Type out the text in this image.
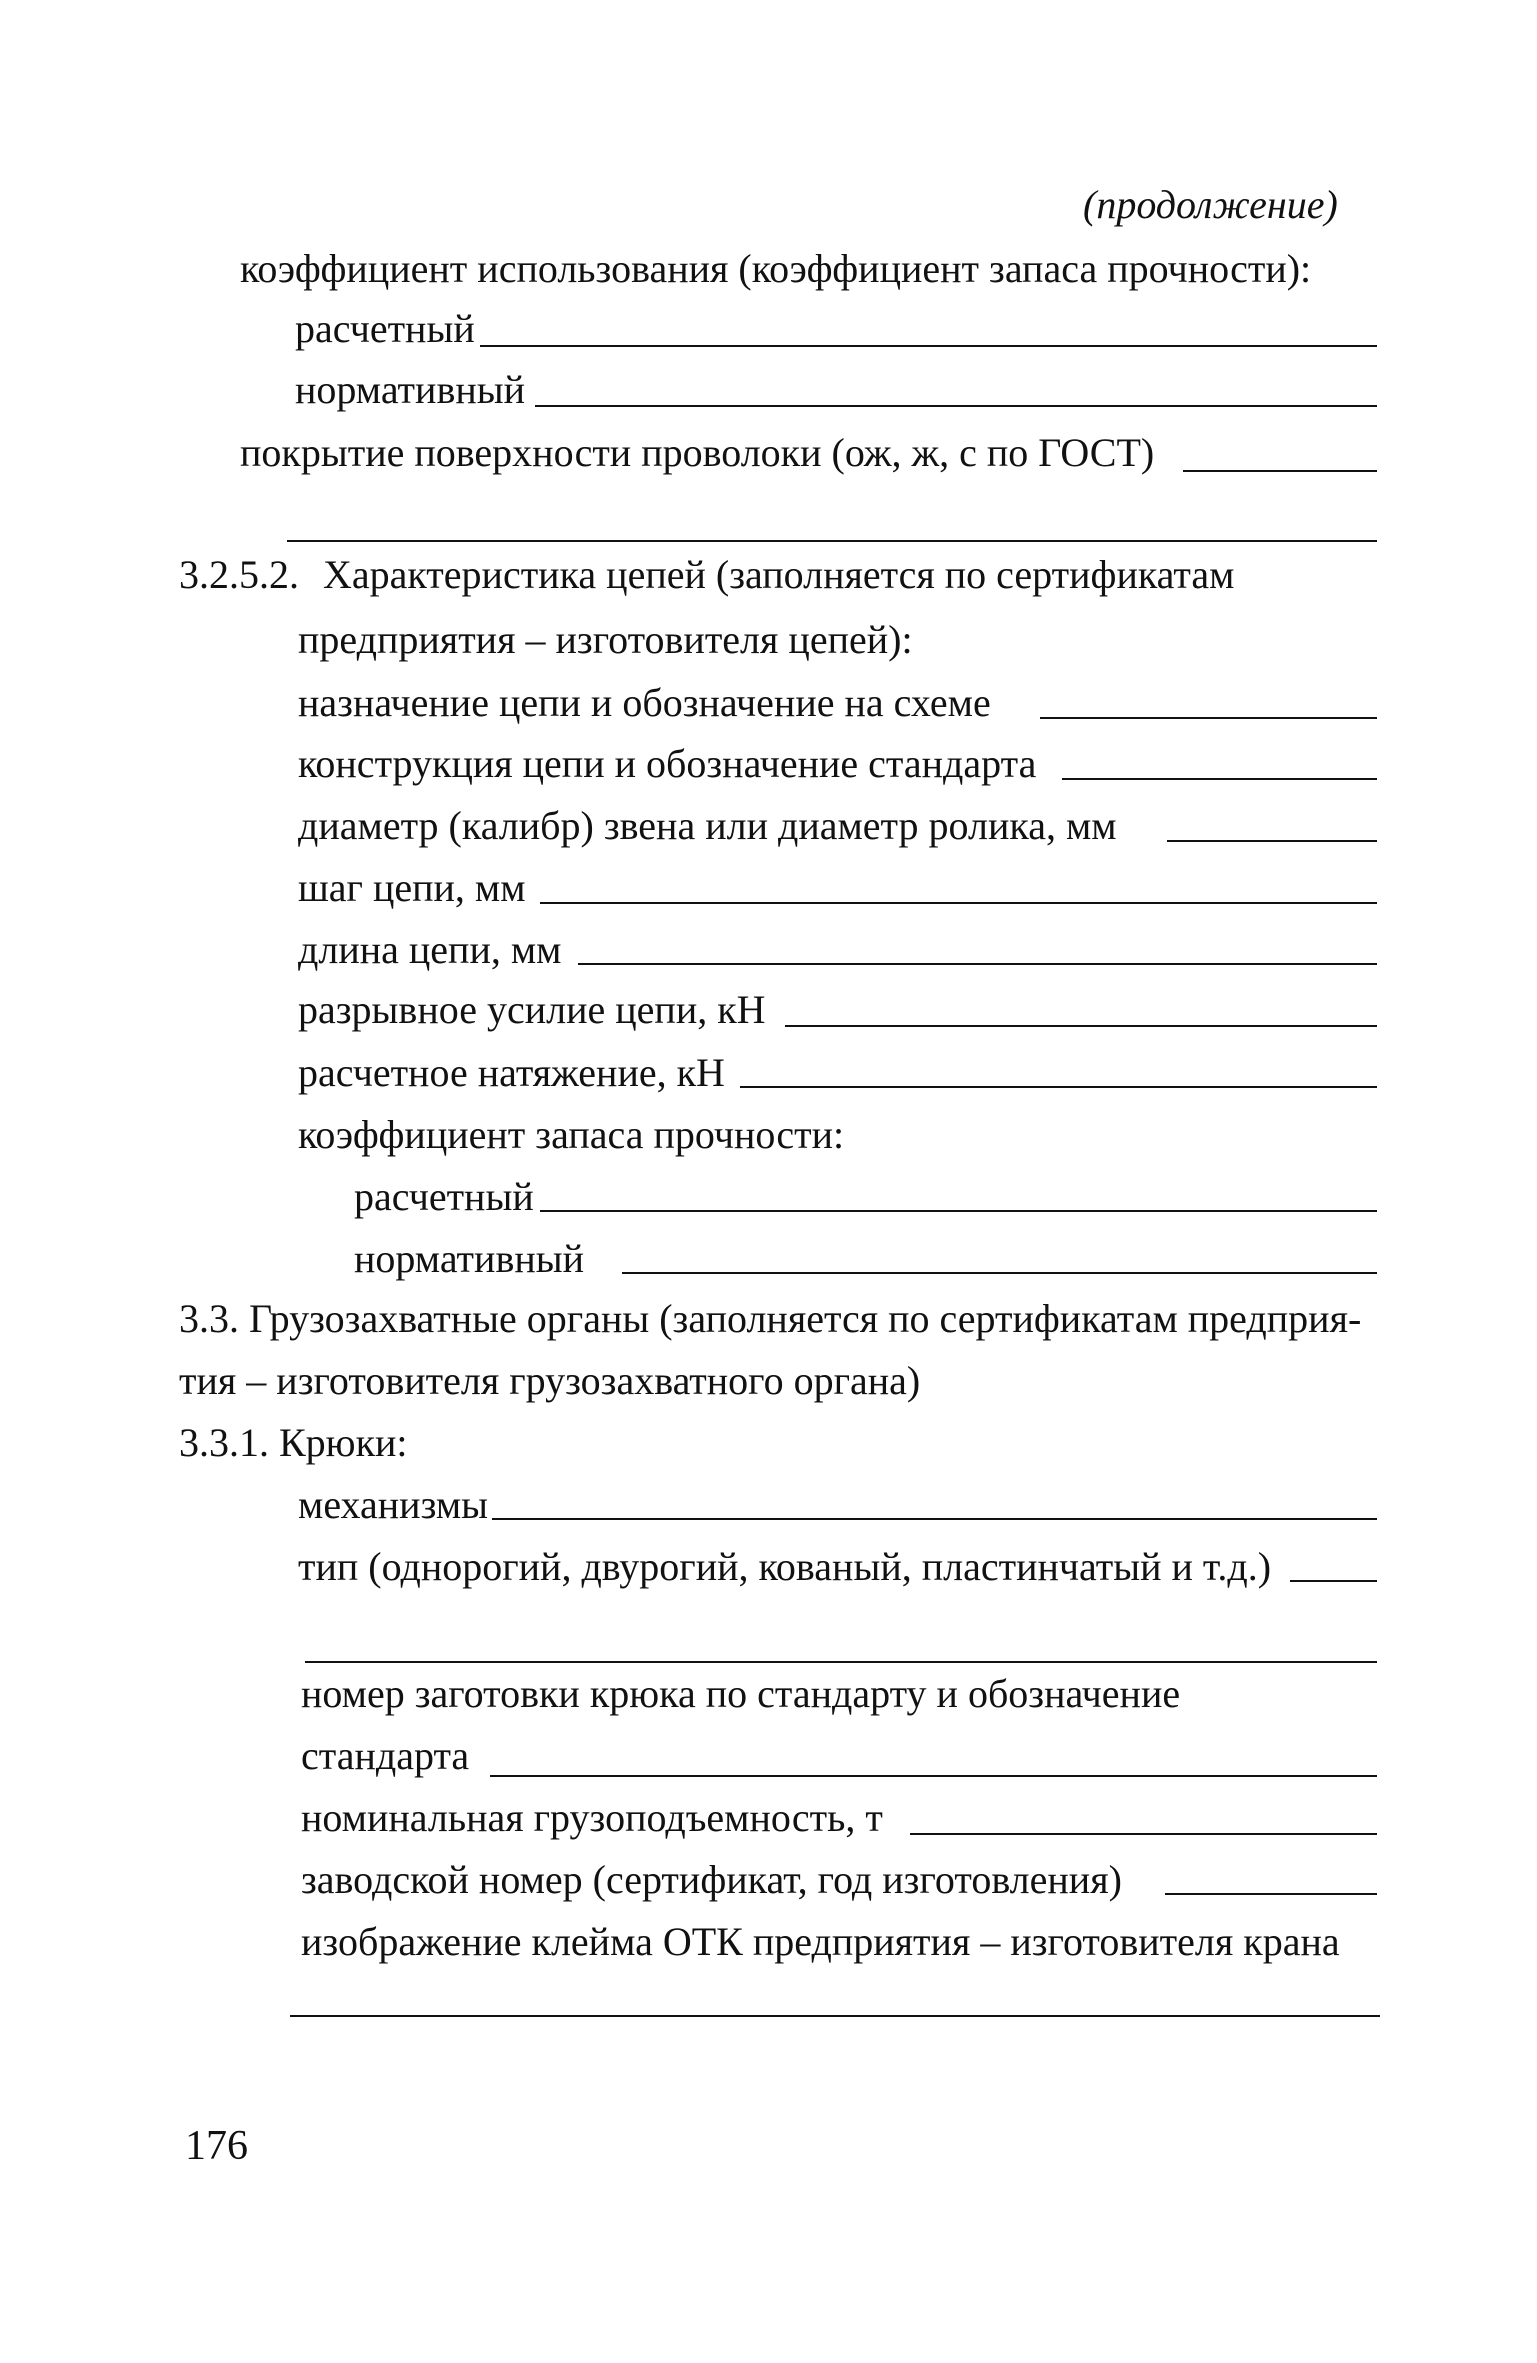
(продолжение)
коэффициент использования (коэффициент запаса прочности):
расчетный
нормативный
покрытие поверхности проволоки (ож, ж, с по ГОСТ)
3.2.5.2. Характеристика цепей (заполняется по сертификатам
предприятия – изготовителя цепей):
назначение цепи и обозначение на схеме
конструкция цепи и обозначение стандарта
диаметр (калибр) звена или диаметр ролика, мм
шаг цепи, мм
длина цепи, мм
разрывное усилие цепи, кН
расчетное натяжение, кН
коэффициент запаса прочности:
расчетный
нормативный
3.3. Грузозахватные органы (заполняется по сертификатам предприя-
тия – изготовителя грузозахватного органа)
3.3.1. Крюки:
механизмы
тип (однорогий, двурогий, кованый, пластинчатый и т.д.)
номер заготовки крюка по стандарту и обозначение
стандарта
номинальная грузоподъемность, т
заводской номер (сертификат, год изготовления)
изображение клейма ОТК предприятия – изготовителя крана
176
